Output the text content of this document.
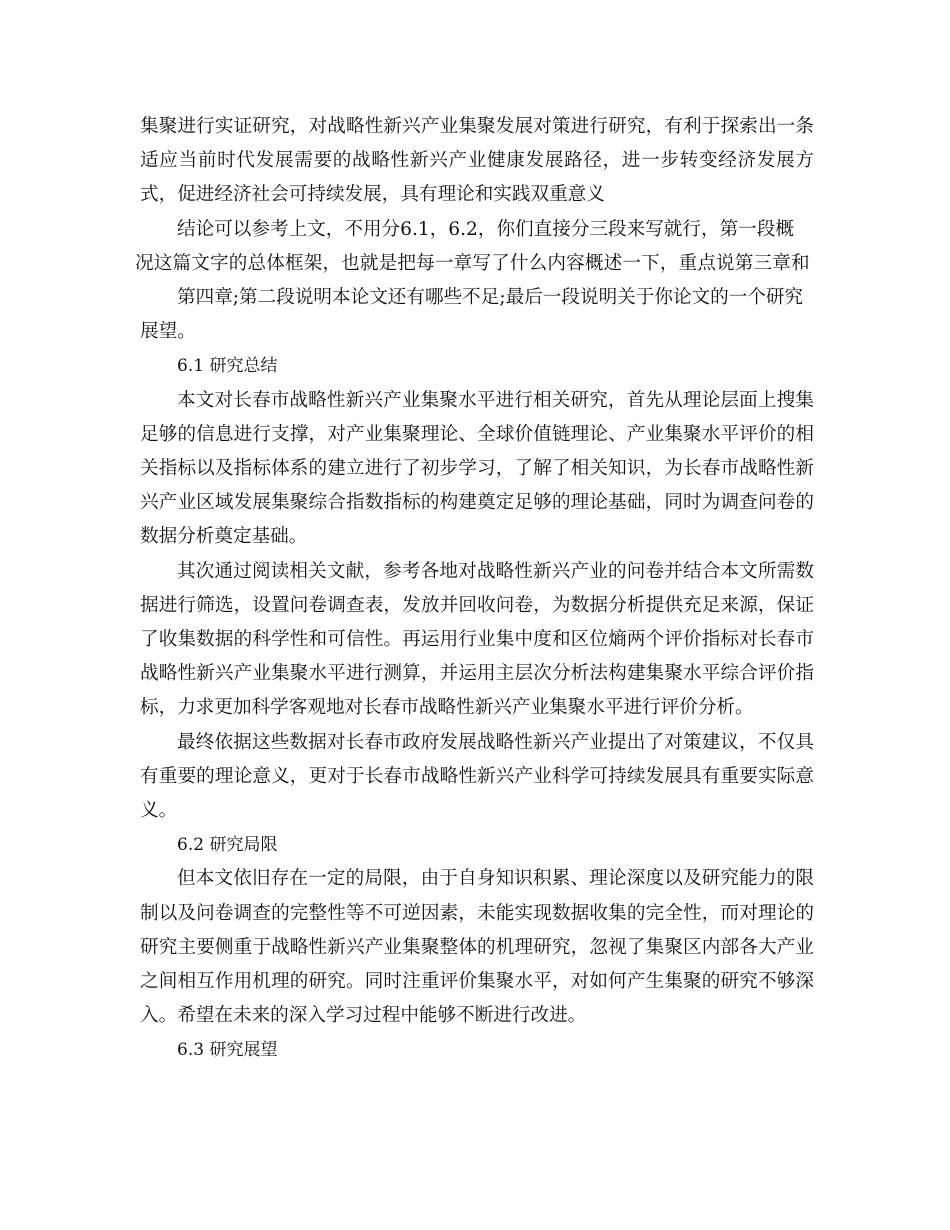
集聚进行实证研究，对战略性新兴产业集聚发展对策进行研究，有利于探索出一条适应当前时代发展需要的战略性新兴产业健康发展路径，进一步转变经济发展方式，促进经济社会可持续发展，具有理论和实践双重意义

结论可以参考上文，不用分6.1，6.2，你们直接分三段来写就行，第一段概
况这篇文字的总体框架，也就是把每一章写了什么内容概述一下，重点说第三章和
第四章;第二段说明本论文还有哪些不足;最后一段说明关于你论文的一个研究
展望。

6.1 研究总结

本文对长春市战略性新兴产业集聚水平进行相关研究，首先从理论层面上搜集足够的信息进行支撑，对产业集聚理论、全球价值链理论、产业集聚水平评价的相关指标以及指标体系的建立进行了初步学习，了解了相关知识，为长春市战略性新兴产业区域发展集聚综合指数指标的构建奠定足够的理论基础，同时为调查问卷的数据分析奠定基础。

其次通过阅读相关文献，参考各地对战略性新兴产业的问卷并结合本文所需数据进行筛选，设置问卷调查表，发放并回收问卷，为数据分析提供充足来源，保证了收集数据的科学性和可信性。再运用行业集中度和区位熵两个评价指标对长春市战略性新兴产业集聚水平进行测算，并运用主层次分析法构建集聚水平综合评价指标，力求更加科学客观地对长春市战略性新兴产业集聚水平进行评价分析。

最终依据这些数据对长春市政府发展战略性新兴产业提出了对策建议，不仅具有重要的理论意义，更对于长春市战略性新兴产业科学可持续发展具有重要实际意义。

6.2 研究局限

但本文依旧存在一定的局限，由于自身知识积累、理论深度以及研究能力的限制以及问卷调查的完整性等不可逆因素，未能实现数据收集的完全性，而对理论的研究主要侧重于战略性新兴产业集聚整体的机理研究，忽视了集聚区内部各大产业之间相互作用机理的研究。同时注重评价集聚水平，对如何产生集聚的研究不够深入。希望在未来的深入学习过程中能够不断进行改进。

6.3 研究展望
